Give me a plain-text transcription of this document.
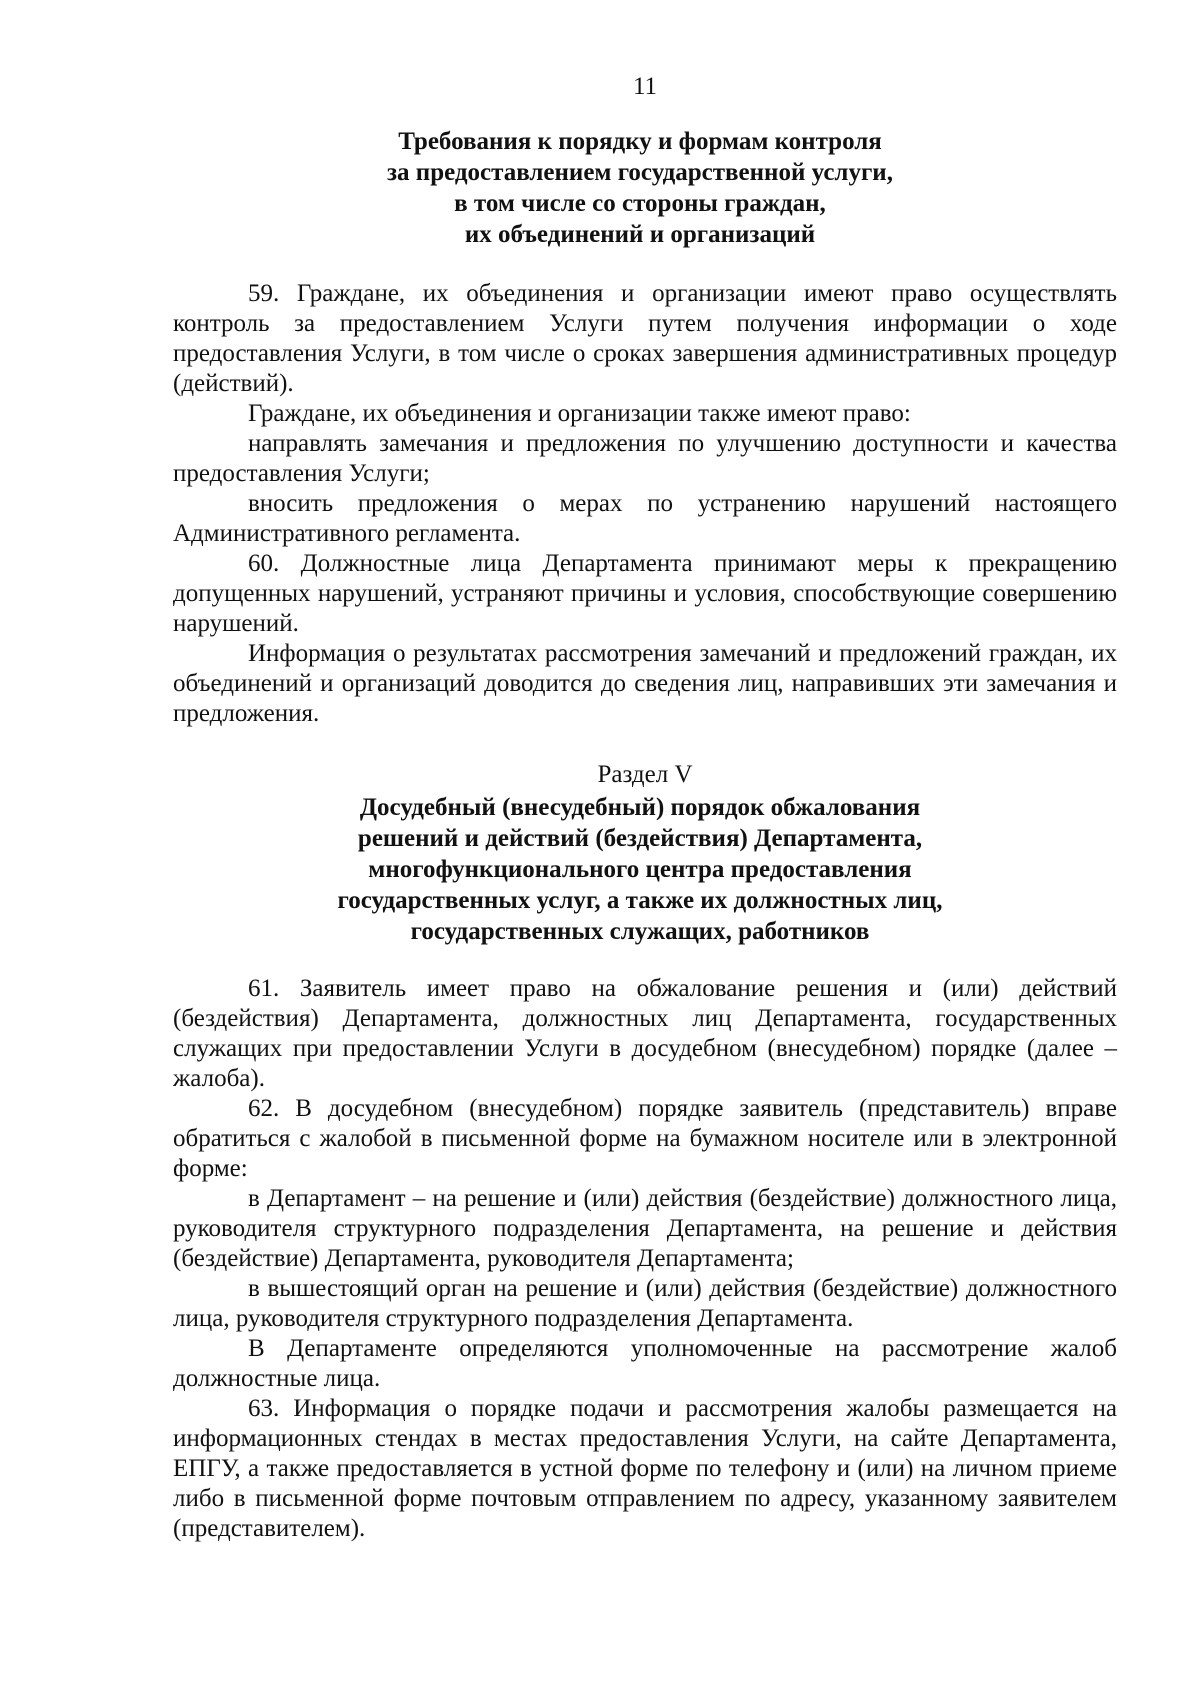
11
Требования к порядку и формам контроля
за предоставлением государственной услуги,
в том числе со стороны граждан,
их объединений и организаций

59. Граждане, их объединения и организации имеют право осуществлять контроль за предоставлением Услуги путем получения информации о ходе предоставления Услуги, в том числе о сроках завершения административных процедур (действий).

Граждане, их объединения и организации также имеют право:

направлять замечания и предложения по улучшению доступности и качества предоставления Услуги;

вносить предложения о мерах по устранению нарушений настоящего Административного регламента.

60. Должностные лица Департамента принимают меры к прекращению допущенных нарушений, устраняют причины и условия, способствующие совершению нарушений.

Информация о результатах рассмотрения замечаний и предложений граждан, их объединений и организаций доводится до сведения лиц, направивших эти замечания и предложения.

Раздел V
Досудебный (внесудебный) порядок обжалования
решений и действий (бездействия) Департамента,
многофункционального центра предоставления
государственных услуг, а также их должностных лиц,
государственных служащих, работников

61. Заявитель имеет право на обжалование решения и (или) действий (бездействия) Департамента, должностных лиц Департамента, государственных служащих при предоставлении Услуги в досудебном (внесудебном) порядке (далее – жалоба).

62. В досудебном (внесудебном) порядке заявитель (представитель) вправе обратиться с жалобой в письменной форме на бумажном носителе или в электронной форме:

в Департамент – на решение и (или) действия (бездействие) должностного лица, руководителя структурного подразделения Департамента, на решение и действия (бездействие) Департамента, руководителя Департамента;

в вышестоящий орган на решение и (или) действия (бездействие) должностного лица, руководителя структурного подразделения Департамента.

В Департаменте определяются уполномоченные на рассмотрение жалоб должностные лица.

63. Информация о порядке подачи и рассмотрения жалобы размещается на информационных стендах в местах предоставления Услуги, на сайте Департамента, ЕПГУ, а также предоставляется в устной форме по телефону и (или) на личном приеме либо в письменной форме почтовым отправлением по адресу, указанному заявителем (представителем).
